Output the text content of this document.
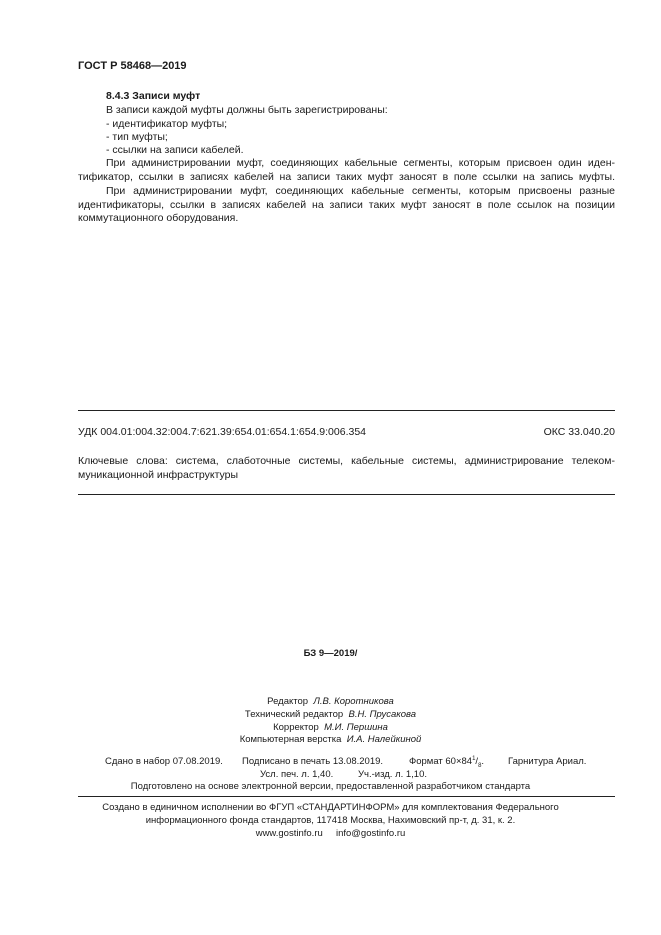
ГОСТ Р 58468—2019
8.4.3 Записи муфт
В записи каждой муфты должны быть зарегистрированы:
- идентификатор муфты;
- тип муфты;
- ссылки на записи кабелей.
При администрировании муфт, соединяющих кабельные сегменты, которым присвоен один иден-
тификатор, ссылки в записях кабелей на записи таких муфт заносят в поле ссылки на запись муфты.
При администрировании муфт, соединяющих кабельные сегменты, которым присвоены разные
идентификаторы, ссылки в записях кабелей на записи таких муфт заносят в поле ссылок на позиции
коммутационного оборудования.
УДК 004.01:004.32:004.7:621.39:654.01:654.1:654.9:006.354	ОКС 33.040.20
Ключевые слова: система, слаботочные системы, кабельные системы, администрирование телеком-
муникационной инфраструктуры
БЗ 9—2019/
Редактор Л.В. Коротникова
Технический редактор В.Н. Прусакова
Корректор М.И. Першина
Компьютерная верстка И.А. Налейкиной
Сдано в набор 07.08.2019. Подписано в печать 13.08.2019.	Формат $60\times 84^1/_8$.	Гарнитура Ариал.
Усл. печ. л. 1,40.	Уч.-изд. л. 1,10.
Подготовлено на основе электронной версии, предоставленной разработчиком стандарта
Создано в единичном исполнении во ФГУП «СТАНДАРТИНФОРМ» для комплектования Федерального
информационного фонда стандартов, 117418 Москва, Нахимовский пр-т, д. 31, к. 2.
www.gostinfo.ru info@gostinfo.ru
